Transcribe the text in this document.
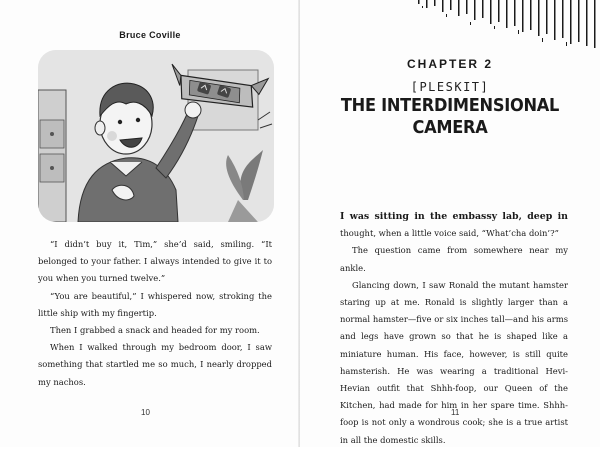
Bruce Coville

“I didn’t buy it, Tim,” she’d said, smiling. “It belonged to your father. I always intended to give it to you when you turned twelve.”

“You are beautiful,” I whispered now, stroking the little ship with my fingertip.

Then I grabbed a snack and headed for my room.

When I walked through my bedroom door, I saw something that startled me so much, I nearly dropped my nachos.

10
CHAPTER 2
[PLESKIT]
THE INTERDIMENSIONAL
CAMERA

I was sitting in the embassy lab, deep in thought, when a little voice said, “What’cha doin’?”

The question came from somewhere near my ankle.

Glancing down, I saw Ronald the mutant hamster staring up at me. Ronald is slightly larger than a normal hamster—five or six inches tall—and his arms and legs have grown so that he is shaped like a miniature human. His face, however, is still quite hamsterish. He was wearing a traditional Hevi-Hevian outfit that Shhh-foop, our Queen of the Kitchen, had made for him in her spare time. Shhh-foop is not only a wondrous cook; she is a true artist in all the domestic skills.

11
